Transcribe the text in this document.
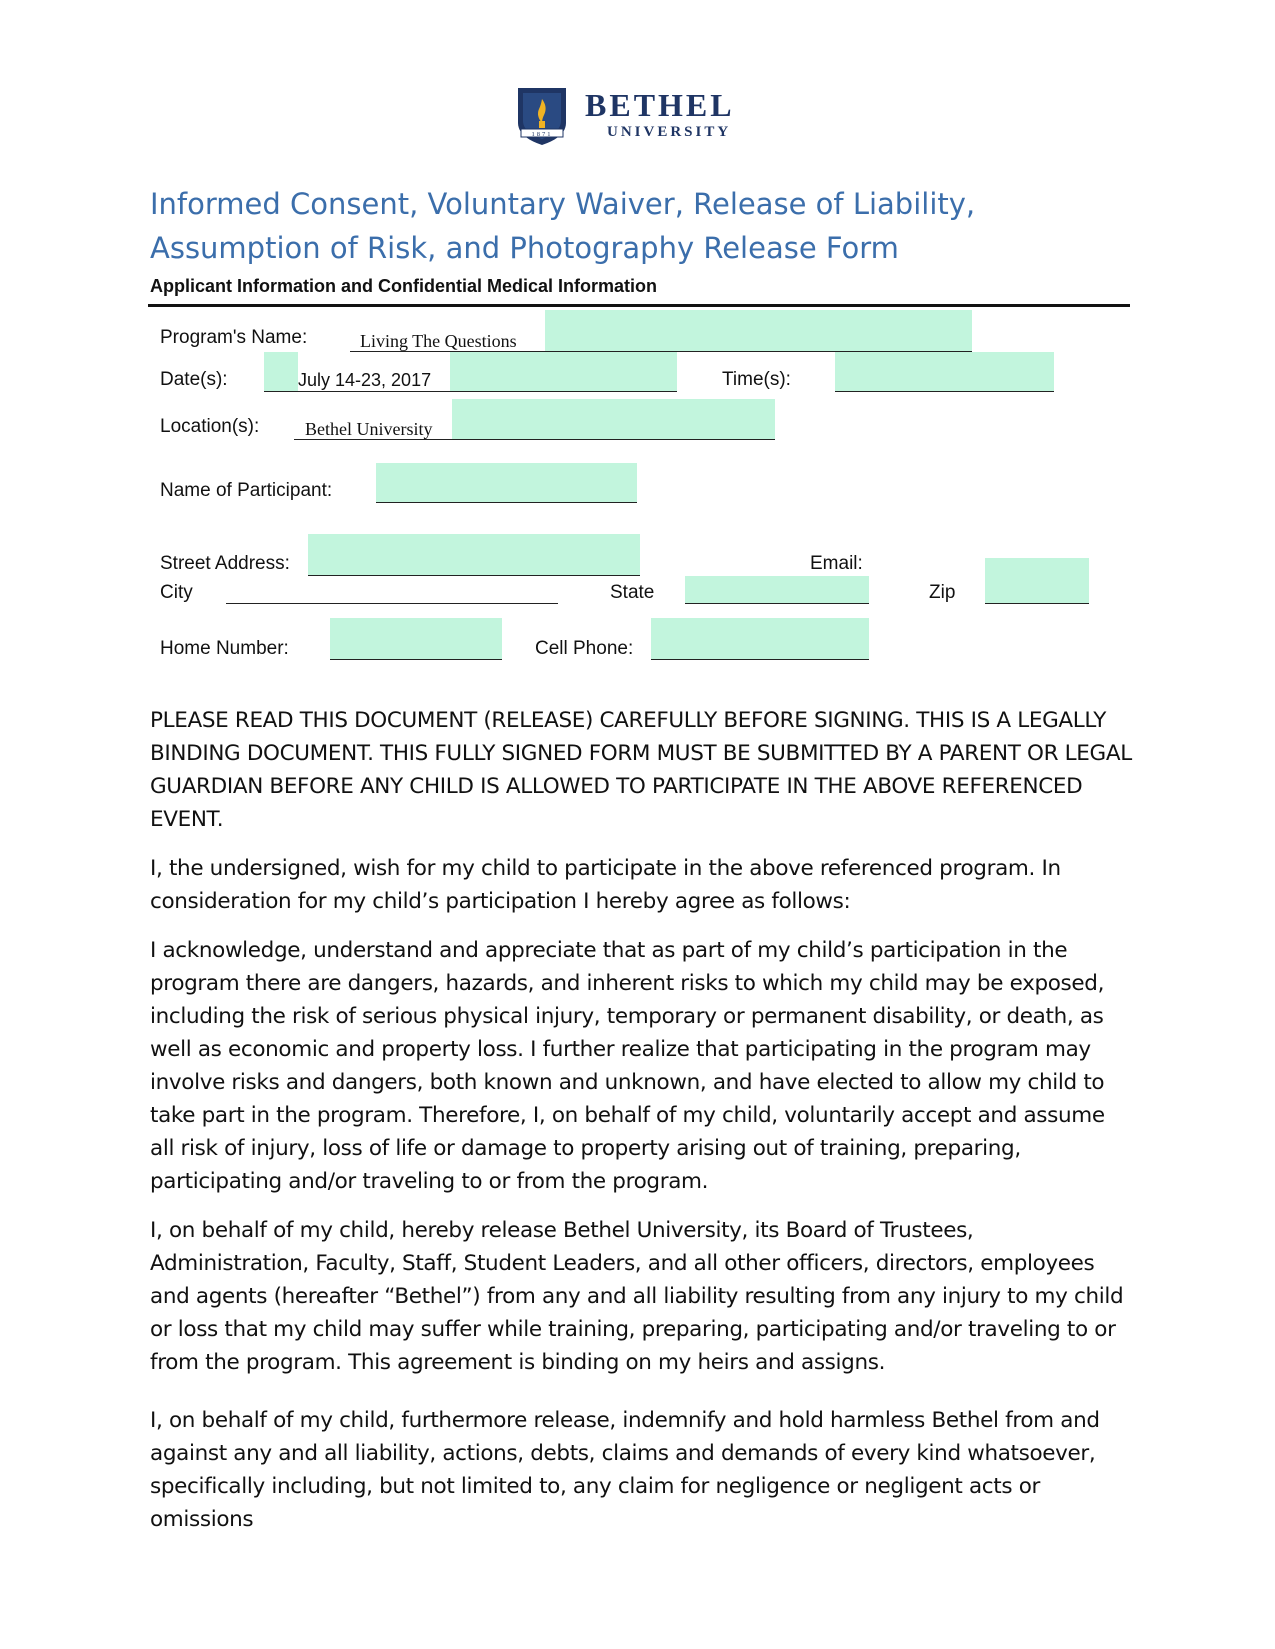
1871
BETHEL
UNIVERSITY
Informed Consent, Voluntary Waiver, Release of Liability, Assumption of Risk, and Photography Release Form
Applicant Information and Confidential Medical Information
Program's Name:	Living The Questions
Date(s):	July 14-23, 2017	Time(s):
Location(s):	Bethel University
Name of Participant:
Street Address:	Email:
City	State	Zip
Home Number:	Cell Phone:

PLEASE READ THIS DOCUMENT (RELEASE) CAREFULLY BEFORE SIGNING. THIS IS A LEGALLY BINDING DOCUMENT. THIS FULLY SIGNED FORM MUST BE SUBMITTED BY A PARENT OR LEGAL GUARDIAN BEFORE ANY CHILD IS ALLOWED TO PARTICIPATE IN THE ABOVE REFERENCED EVENT.

I, the undersigned, wish for my child to participate in the above referenced program. In consideration for my child’s participation I hereby agree as follows:

I acknowledge, understand and appreciate that as part of my child’s participation in the program there are dangers, hazards, and inherent risks to which my child may be exposed, including the risk of serious physical injury, temporary or permanent disability, or death, as well as economic and property loss. I further realize that participating in the program may involve risks and dangers, both known and unknown, and have elected to allow my child to take part in the program. Therefore, I, on behalf of my child, voluntarily accept and assume all risk of injury, loss of life or damage to property arising out of training, preparing, participating and/or traveling to or from the program.

I, on behalf of my child, hereby release Bethel University, its Board of Trustees, Administration, Faculty, Staff, Student Leaders, and all other officers, directors, employees and agents (hereafter “Bethel”) from any and all liability resulting from any injury to my child or loss that my child may suffer while training, preparing, participating and/or traveling to or from the program. This agreement is binding on my heirs and assigns.

I, on behalf of my child, furthermore release, indemnify and hold harmless Bethel from and against any and all liability, actions, debts, claims and demands of every kind whatsoever, specifically including, but not limited to, any claim for negligence or negligent acts or omissions
